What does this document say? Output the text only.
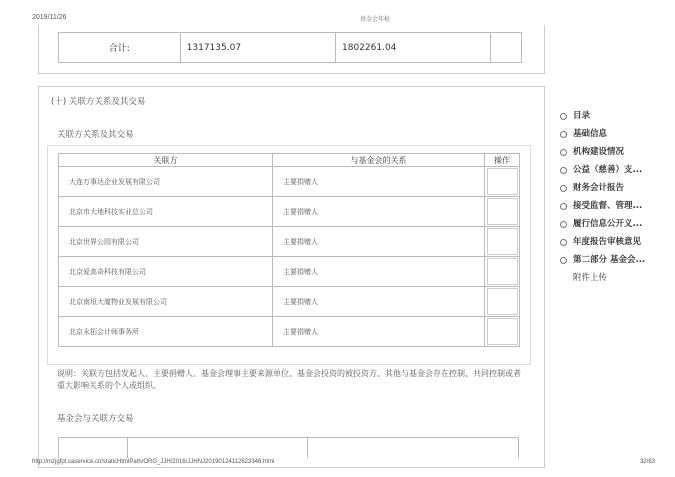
2019/11/26	基金会年检
合计:	1317135.07	1802261.04
(十) 关联方关系及其交易
关联方关系及其交易
关联方	与基金会的关系	操作
大连万事达企业发展有限公司	主要捐赠人	

北京市大地科技实业总公司	主要捐赠人	

北京世界公园有限公司	主要捐赠人	

北京爱高奇科技有限公司	主要捐赠人	

北京南垣大厦物业发展有限公司	主要捐赠人	

北京永拓会计师事务所	主要捐赠人	
说明：关联方包括发起人、主要捐赠人、基金会理事主要来源单位、基金会投资的被投资方、其他与基金会存在控制、共同控制或者重大影响关系的个人或组织。
基金会与关联方交易
目录
基础信息
机构建设情况
公益（慈善）支...
财务会计报告
接受监督、管理...
履行信息公开义...
年度报告审核意见
第二部分 基金会...
附件上传
http://mzjgfpt.caservice.cn/staticHtmlPath/ORG_JJH/2016/JJHNJ20190124112623346.html	32/63
